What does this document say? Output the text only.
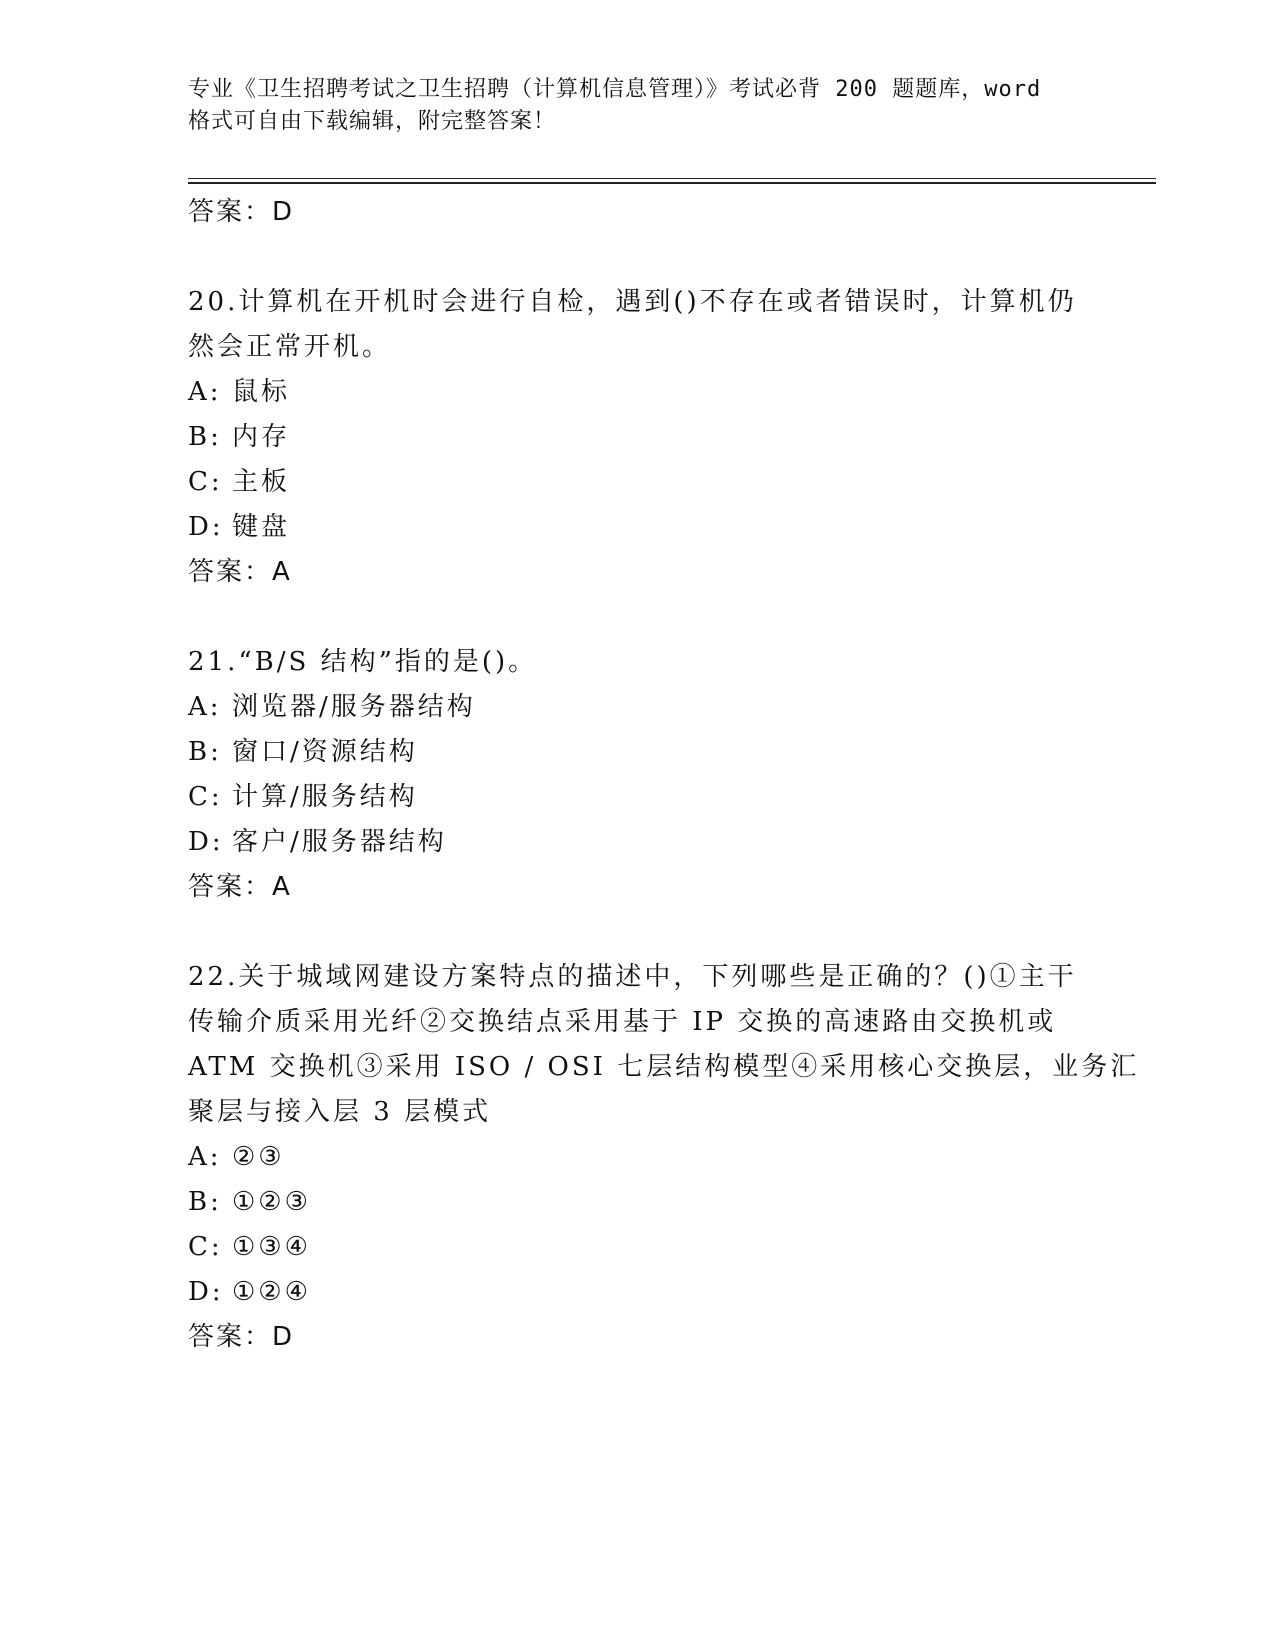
专业《卫生招聘考试之卫生招聘（计算机信息管理）》考试必背 200 题题库，word
格式可自由下载编辑，附完整答案！
答案：D
20.计算机在开机时会进行自检，遇到()不存在或者错误时，计算机仍
然会正常开机。
A: 鼠标
B: 内存
C: 主板
D: 键盘
答案：A
21.“B/S 结构”指的是()。
A: 浏览器/服务器结构
B: 窗口/资源结构
C: 计算/服务结构
D: 客户/服务器结构
答案：A
22.关于城域网建设方案特点的描述中，下列哪些是正确的？()①主干
传输介质采用光纤②交换结点采用基于 IP 交换的高速路由交换机或
ATM 交换机③采用 ISO / OSI 七层结构模型④采用核心交换层，业务汇
聚层与接入层 3 层模式
A: ②③
B: ①②③
C: ①③④
D: ①②④
答案：D
